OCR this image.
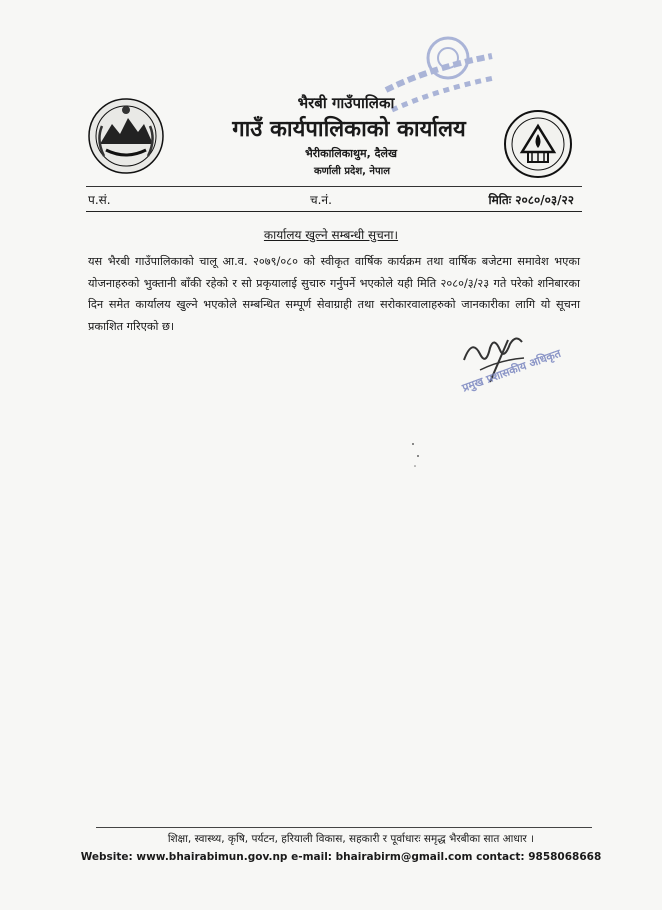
भैरबी गाउँपालिका
गाउँ कार्यपालिकाको कार्यालय
भैरीकालिकाथुम, दैलेख
कर्णाली प्रदेश, नेपाल
प.सं.	च.नं.	मितिः २०८०/०३/२२
कार्यालय खुल्ने सम्बन्धी सुचना।
यस भैरबी गाउँपालिकाको चालू आ.व. २०७९/०८० को स्वीकृत वार्षिक कार्यक्रम तथा वार्षिक बजेटमा समावेश भएका योजनाहरुको भुक्तानी बाँकी रहेको र सो प्रकृयालाई सुचारु गर्नुपर्ने भएकोले यही मिति २०८०/३/२३ गते परेको शनिबारका दिन समेत कार्यालय खुल्ने भएकोले सम्बन्धित सम्पूर्ण सेवाग्राही तथा सरोकारवालाहरुको जानकारीका लागि यो सूचना प्रकाशित गरिएको छ।
प्रमुख प्रशासकीय अधिकृत
शिक्षा, स्वास्थ्य, कृषि, पर्यटन, हरियाली विकास, सहकारी र पूर्वाधारः समृद्ध भैरबीका सात आधार ।
Website: www.bhairabimun.gov.np e-mail: bhairabirm@gmail.com contact: 9858068668
